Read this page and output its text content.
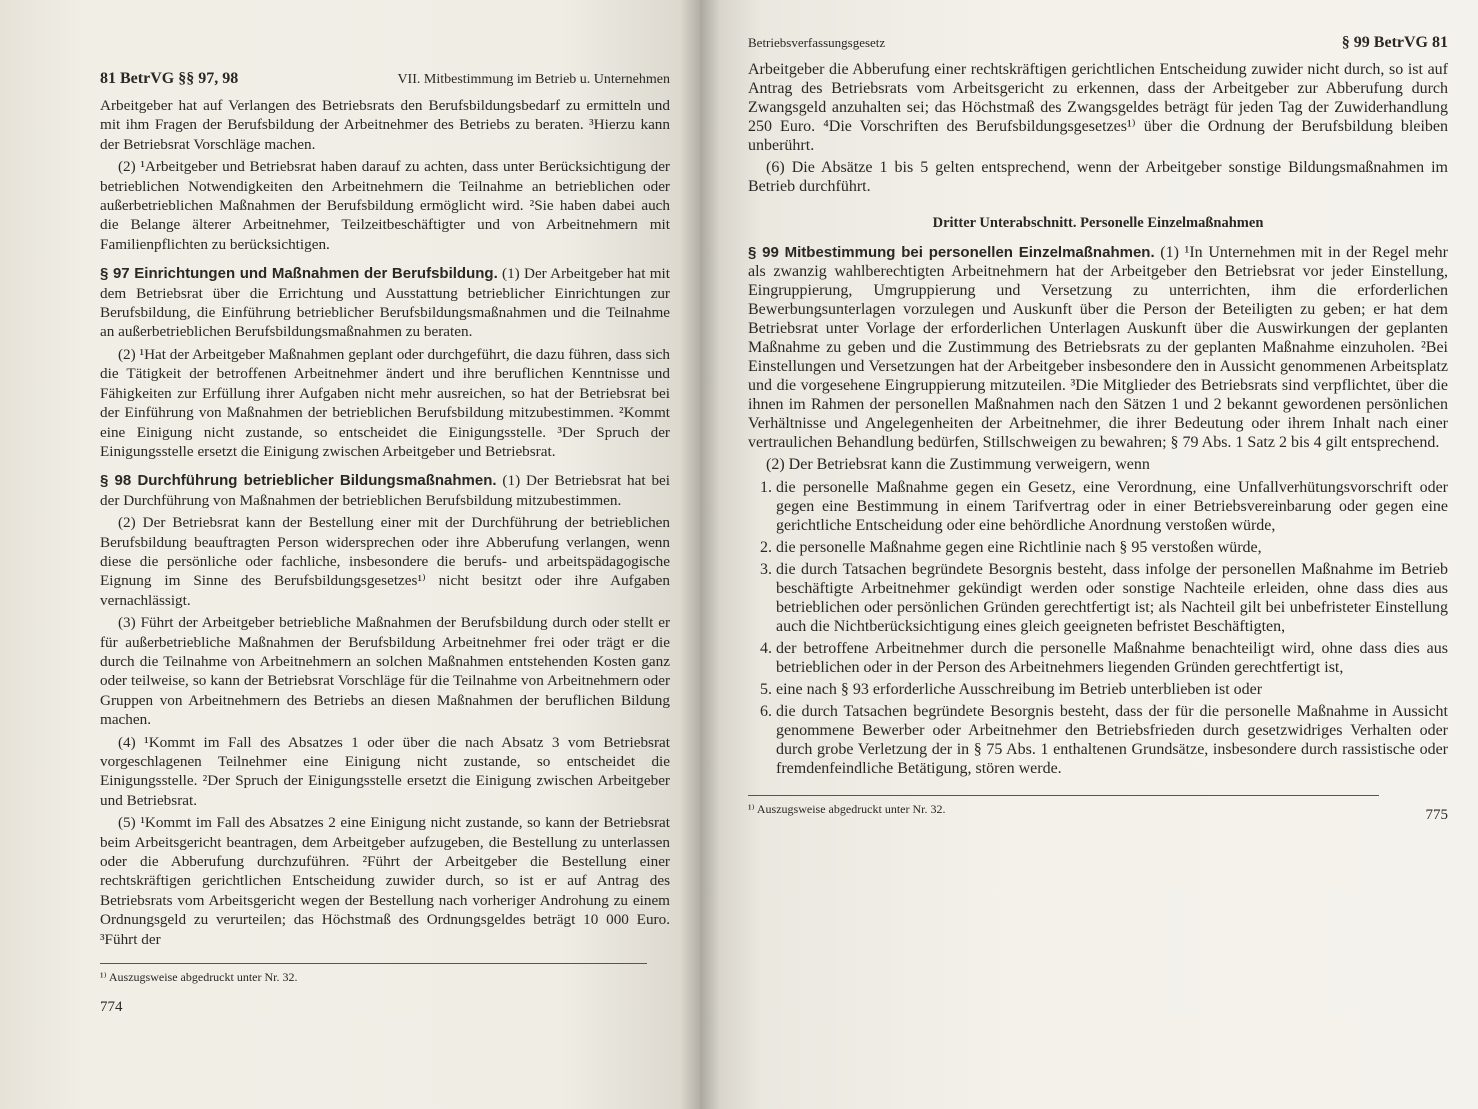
81 BetrVG §§ 97, 98	VII. Mitbestimmung im Betrieb u. Unternehmen

Arbeitgeber hat auf Verlangen des Betriebsrats den Berufsbildungsbedarf zu ermitteln und mit ihm Fragen der Berufsbildung der Arbeitnehmer des Betriebs zu beraten. ³Hierzu kann der Betriebsrat Vorschläge machen.

(2) ¹Arbeitgeber und Betriebsrat haben darauf zu achten, dass unter Berücksichtigung der betrieblichen Notwendigkeiten den Arbeitnehmern die Teilnahme an betrieblichen oder außerbetrieblichen Maßnahmen der Berufsbildung ermöglicht wird. ²Sie haben dabei auch die Belange älterer Arbeitnehmer, Teilzeitbeschäftigter und von Arbeitnehmern mit Familienpflichten zu berücksichtigen.

§ 97 Einrichtungen und Maßnahmen der Berufsbildung. (1) Der Arbeitgeber hat mit dem Betriebsrat über die Errichtung und Ausstattung betrieblicher Einrichtungen zur Berufsbildung, die Einführung betrieblicher Berufsbildungsmaßnahmen und die Teilnahme an außerbetrieblichen Berufsbildungsmaßnahmen zu beraten.

(2) ¹Hat der Arbeitgeber Maßnahmen geplant oder durchgeführt, die dazu führen, dass sich die Tätigkeit der betroffenen Arbeitnehmer ändert und ihre beruflichen Kenntnisse und Fähigkeiten zur Erfüllung ihrer Aufgaben nicht mehr ausreichen, so hat der Betriebsrat bei der Einführung von Maßnahmen der betrieblichen Berufsbildung mitzubestimmen. ²Kommt eine Einigung nicht zustande, so entscheidet die Einigungsstelle. ³Der Spruch der Einigungsstelle ersetzt die Einigung zwischen Arbeitgeber und Betriebsrat.

§ 98 Durchführung betrieblicher Bildungsmaßnahmen. (1) Der Betriebsrat hat bei der Durchführung von Maßnahmen der betrieblichen Berufsbildung mitzubestimmen.

(2) Der Betriebsrat kann der Bestellung einer mit der Durchführung der betrieblichen Berufsbildung beauftragten Person widersprechen oder ihre Abberufung verlangen, wenn diese die persönliche oder fachliche, insbesondere die berufs- und arbeitspädagogische Eignung im Sinne des Berufsbildungsgesetzes¹⁾ nicht besitzt oder ihre Aufgaben vernachlässigt.

(3) Führt der Arbeitgeber betriebliche Maßnahmen der Berufsbildung durch oder stellt er für außerbetriebliche Maßnahmen der Berufsbildung Arbeitnehmer frei oder trägt er die durch die Teilnahme von Arbeitnehmern an solchen Maßnahmen entstehenden Kosten ganz oder teilweise, so kann der Betriebsrat Vorschläge für die Teilnahme von Arbeitnehmern oder Gruppen von Arbeitnehmern des Betriebs an diesen Maßnahmen der beruflichen Bildung machen.

(4) ¹Kommt im Fall des Absatzes 1 oder über die nach Absatz 3 vom Betriebsrat vorgeschlagenen Teilnehmer eine Einigung nicht zustande, so entscheidet die Einigungsstelle. ²Der Spruch der Einigungsstelle ersetzt die Einigung zwischen Arbeitgeber und Betriebsrat.

(5) ¹Kommt im Fall des Absatzes 2 eine Einigung nicht zustande, so kann der Betriebsrat beim Arbeitsgericht beantragen, dem Arbeitgeber aufzugeben, die Bestellung zu unterlassen oder die Abberufung durchzuführen. ²Führt der Arbeitgeber die Bestellung einer rechtskräftigen gerichtlichen Entscheidung zuwider durch, so ist er auf Antrag des Betriebsrats vom Arbeitsgericht wegen der Bestellung nach vorheriger Androhung zu einem Ordnungsgeld zu verurteilen; das Höchstmaß des Ordnungsgeldes beträgt 10 000 Euro. ³Führt der

¹⁾ Auszugsweise abgedruckt unter Nr. 32.
774
Betriebsverfassungsgesetz	§ 99 BetrVG 81

Arbeitgeber die Abberufung einer rechtskräftigen gerichtlichen Entscheidung zuwider nicht durch, so ist auf Antrag des Betriebsrats vom Arbeitsgericht zu erkennen, dass der Arbeitgeber zur Abberufung durch Zwangsgeld anzuhalten sei; das Höchstmaß des Zwangsgeldes beträgt für jeden Tag der Zuwiderhandlung 250 Euro. ⁴Die Vorschriften des Berufsbildungsgesetzes¹⁾ über die Ordnung der Berufsbildung bleiben unberührt.

(6) Die Absätze 1 bis 5 gelten entsprechend, wenn der Arbeitgeber sonstige Bildungsmaßnahmen im Betrieb durchführt.

Dritter Unterabschnitt. Personelle Einzelmaßnahmen

§ 99 Mitbestimmung bei personellen Einzelmaßnahmen. (1) ¹In Unternehmen mit in der Regel mehr als zwanzig wahlberechtigten Arbeitnehmern hat der Arbeitgeber den Betriebsrat vor jeder Einstellung, Eingruppierung, Umgruppierung und Versetzung zu unterrichten, ihm die erforderlichen Bewerbungsunterlagen vorzulegen und Auskunft über die Person der Beteiligten zu geben; er hat dem Betriebsrat unter Vorlage der erforderlichen Unterlagen Auskunft über die Auswirkungen der geplanten Maßnahme zu geben und die Zustimmung des Betriebsrats zu der geplanten Maßnahme einzuholen. ²Bei Einstellungen und Versetzungen hat der Arbeitgeber insbesondere den in Aussicht genommenen Arbeitsplatz und die vorgesehene Eingruppierung mitzuteilen. ³Die Mitglieder des Betriebsrats sind verpflichtet, über die ihnen im Rahmen der personellen Maßnahmen nach den Sätzen 1 und 2 bekannt gewordenen persönlichen Verhältnisse und Angelegenheiten der Arbeitnehmer, die ihrer Bedeutung oder ihrem Inhalt nach einer vertraulichen Behandlung bedürfen, Stillschweigen zu bewahren; § 79 Abs. 1 Satz 2 bis 4 gilt entsprechend.

(2) Der Betriebsrat kann die Zustimmung verweigern, wenn

1. die personelle Maßnahme gegen ein Gesetz, eine Verordnung, eine Unfallverhütungsvorschrift oder gegen eine Bestimmung in einem Tarifvertrag oder in einer Betriebsvereinbarung oder gegen eine gerichtliche Entscheidung oder eine behördliche Anordnung verstoßen würde,
2. die personelle Maßnahme gegen eine Richtlinie nach § 95 verstoßen würde,
3. die durch Tatsachen begründete Besorgnis besteht, dass infolge der personellen Maßnahme im Betrieb beschäftigte Arbeitnehmer gekündigt werden oder sonstige Nachteile erleiden, ohne dass dies aus betrieblichen oder persönlichen Gründen gerechtfertigt ist; als Nachteil gilt bei unbefristeter Einstellung auch die Nichtberücksichtigung eines gleich geeigneten befristet Beschäftigten,
4. der betroffene Arbeitnehmer durch die personelle Maßnahme benachteiligt wird, ohne dass dies aus betrieblichen oder in der Person des Arbeitnehmers liegenden Gründen gerechtfertigt ist,
5. eine nach § 93 erforderliche Ausschreibung im Betrieb unterblieben ist oder
6. die durch Tatsachen begründete Besorgnis besteht, dass der für die personelle Maßnahme in Aussicht genommene Bewerber oder Arbeitnehmer den Betriebsfrieden durch gesetzwidriges Verhalten oder durch grobe Verletzung der in § 75 Abs. 1 enthaltenen Grundsätze, insbesondere durch rassistische oder fremdenfeindliche Betätigung, stören werde.
¹⁾ Auszugsweise abgedruckt unter Nr. 32.	775
